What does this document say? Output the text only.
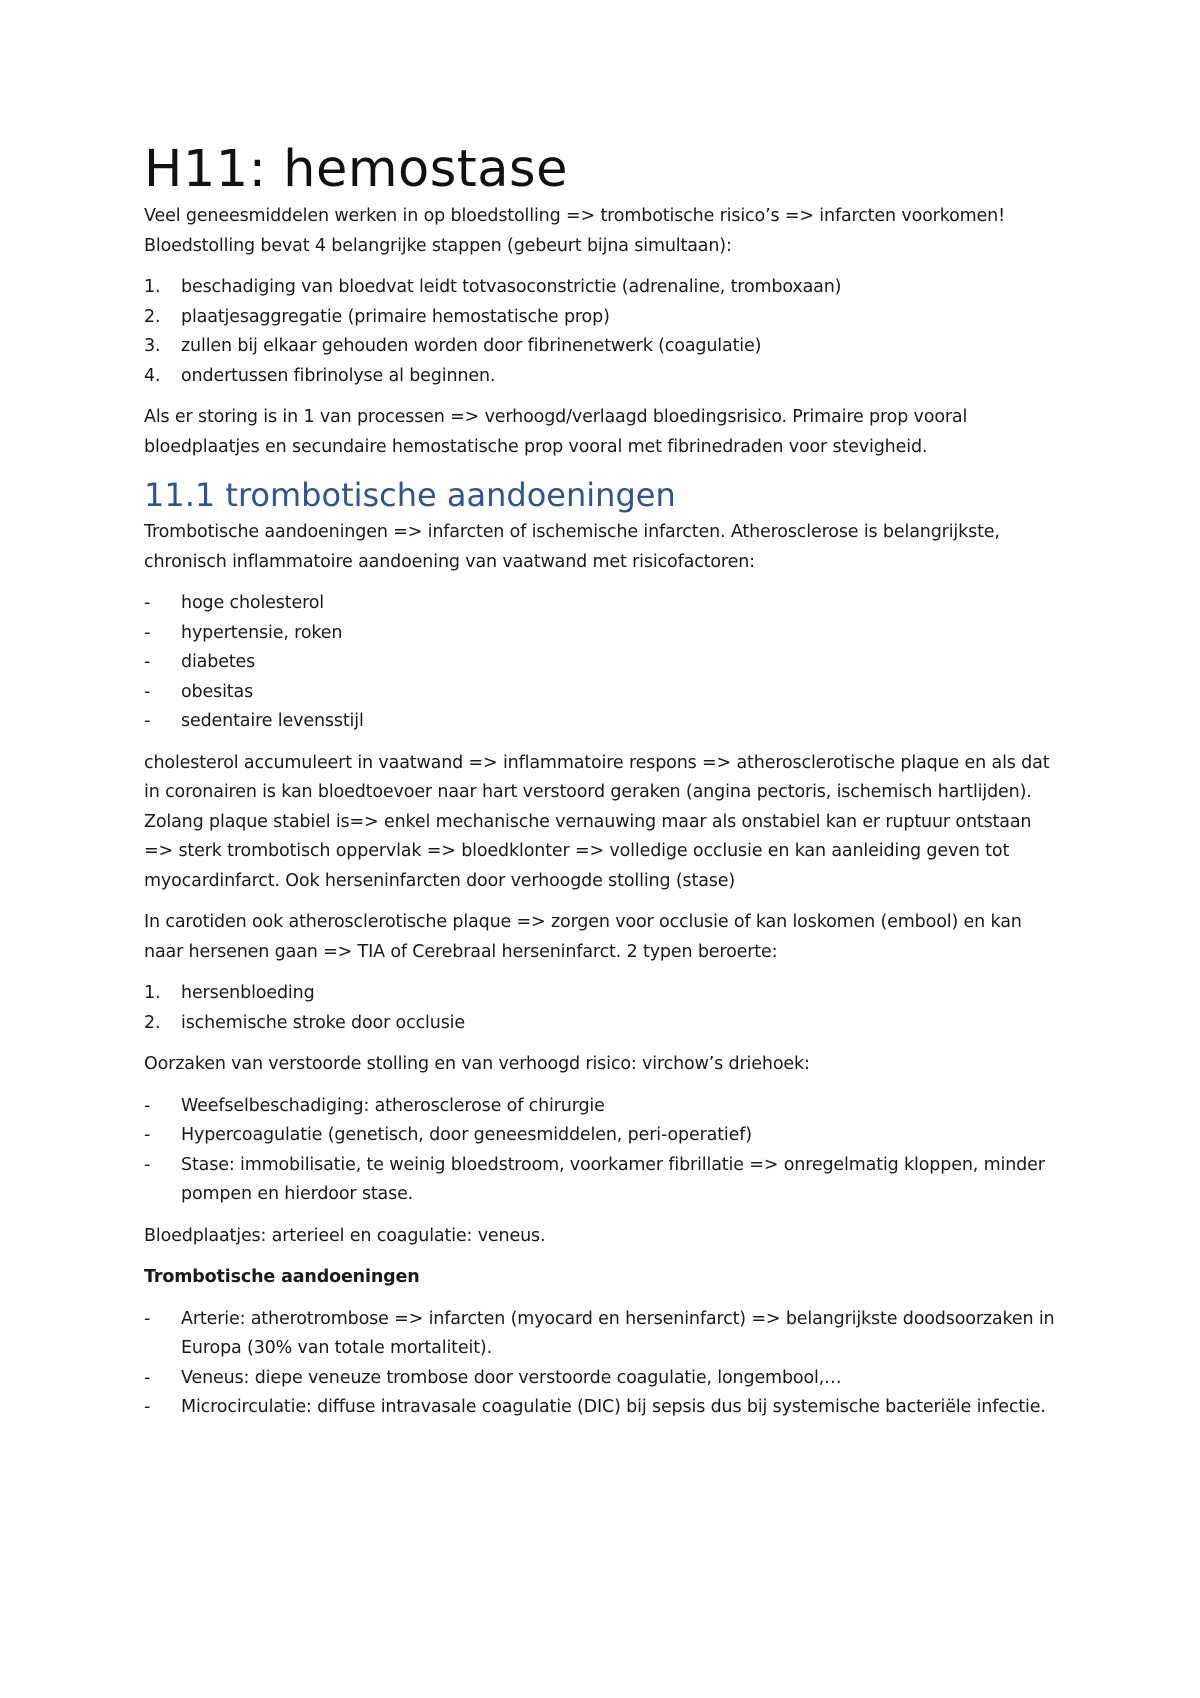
H11: hemostase

Veel geneesmiddelen werken in op bloedstolling => trombotische risico’s => infarcten voorkomen!
Bloedstolling bevat 4 belangrijke stappen (gebeurt bijna simultaan):

1. beschadiging van bloedvat leidt totvasoconstrictie (adrenaline, tromboxaan)
2. plaatjesaggregatie (primaire hemostatische prop)
3. zullen bij elkaar gehouden worden door fibrinenetwerk (coagulatie)
4. ondertussen fibrinolyse al beginnen.

Als er storing is in 1 van processen => verhoogd/verlaagd bloedingsrisico. Primaire prop vooral bloedplaatjes en secundaire hemostatische prop vooral met fibrinedraden voor stevigheid.

11.1 trombotische aandoeningen

Trombotische aandoeningen => infarcten of ischemische infarcten. Atherosclerose is belangrijkste, chronisch inflammatoire aandoening van vaatwand met risicofactoren:

- hoge cholesterol
- hypertensie, roken
- diabetes
- obesitas
- sedentaire levensstijl

cholesterol accumuleert in vaatwand => inflammatoire respons => atherosclerotische plaque en als dat in coronairen is kan bloedtoevoer naar hart verstoord geraken (angina pectoris, ischemisch hartlijden). Zolang plaque stabiel is=> enkel mechanische vernauwing maar als onstabiel kan er ruptuur ontstaan => sterk trombotisch oppervlak => bloedklonter => volledige occlusie en kan aanleiding geven tot myocardinfarct. Ook herseninfarcten door verhoogde stolling (stase)

In carotiden ook atherosclerotische plaque => zorgen voor occlusie of kan loskomen (embool) en kan naar hersenen gaan => TIA of Cerebraal herseninfarct. 2 typen beroerte:

1. hersenbloeding
2. ischemische stroke door occlusie

Oorzaken van verstoorde stolling en van verhoogd risico: virchow’s driehoek:

- Weefselbeschadiging: atherosclerose of chirurgie
- Hypercoagulatie (genetisch, door geneesmiddelen, peri-operatief)
- Stase: immobilisatie, te weinig bloedstroom, voorkamer fibrillatie => onregelmatig kloppen, minder pompen en hierdoor stase.

Bloedplaatjes: arterieel en coagulatie: veneus.

Trombotische aandoeningen

- Arterie: atherotrombose => infarcten (myocard en herseninfarct) => belangrijkste doodsoorzaken in Europa (30% van totale mortaliteit).
- Veneus: diepe veneuze trombose door verstoorde coagulatie, longembool,…
- Microcirculatie: diffuse intravasale coagulatie (DIC) bij sepsis dus bij systemische bacteriële infectie.
